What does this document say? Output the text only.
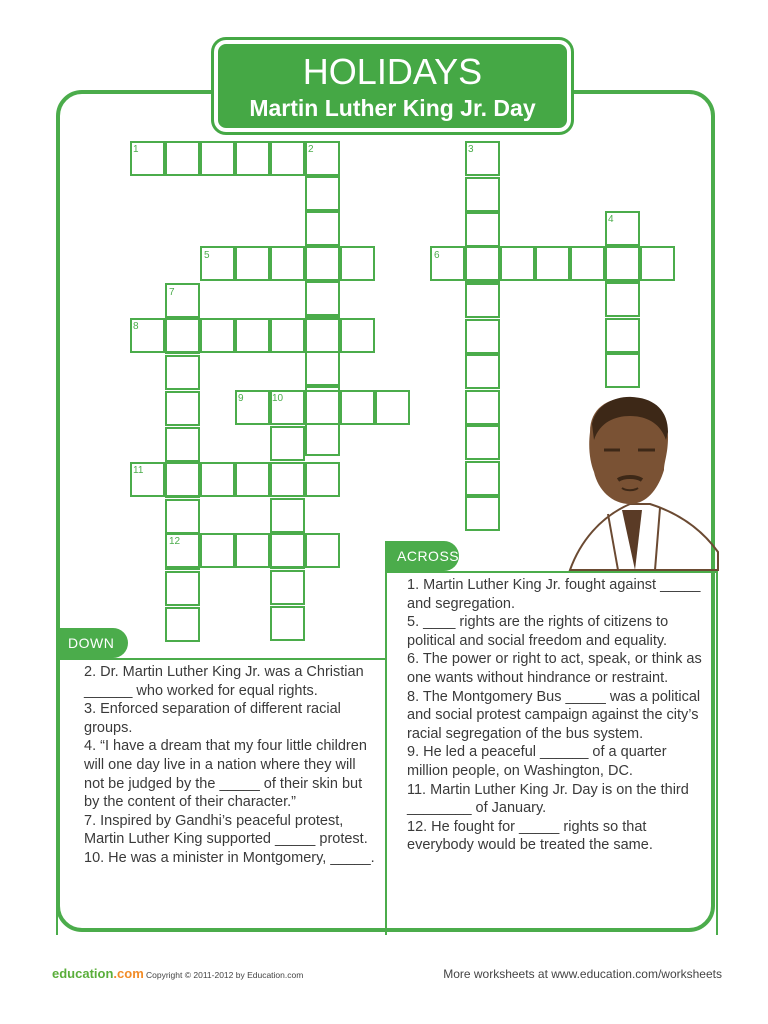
HOLIDAYS
Martin Luther King Jr. Day
1	2	3
4
5	6
7
8
9	10
11
12
ACROSS

1. Martin Luther King Jr. fought against _____ and segregation.

5. ____ rights are the rights of citizens to political and social freedom and equality.

6. The power or right to act, speak, or think as one wants without hindrance or restraint.

8. The Montgomery Bus _____ was a political and social protest campaign against the city’s racial segregation of the bus system.

9. He led a peaceful ______ of a quarter million people, on Washington, DC.

11. Martin Luther King Jr. Day is on the third ________ of January.

12. He fought for _____ rights so that everybody would be treated the same.

DOWN

2. Dr. Martin Luther King Jr. was a Christian ______ who worked for equal rights.

3. Enforced separation of different racial groups.

4. “I have a dream that my four little children will one day live in a nation where they will not be judged by the _____ of their skin but by the content of their character.”

7. Inspired by Gandhi’s peaceful protest, Martin Luther King supported _____ protest.

10. He was a minister in Montgomery, _____.

education.com Copyright © 2011-2012 by Education.com	More worksheets at www.education.com/worksheets
